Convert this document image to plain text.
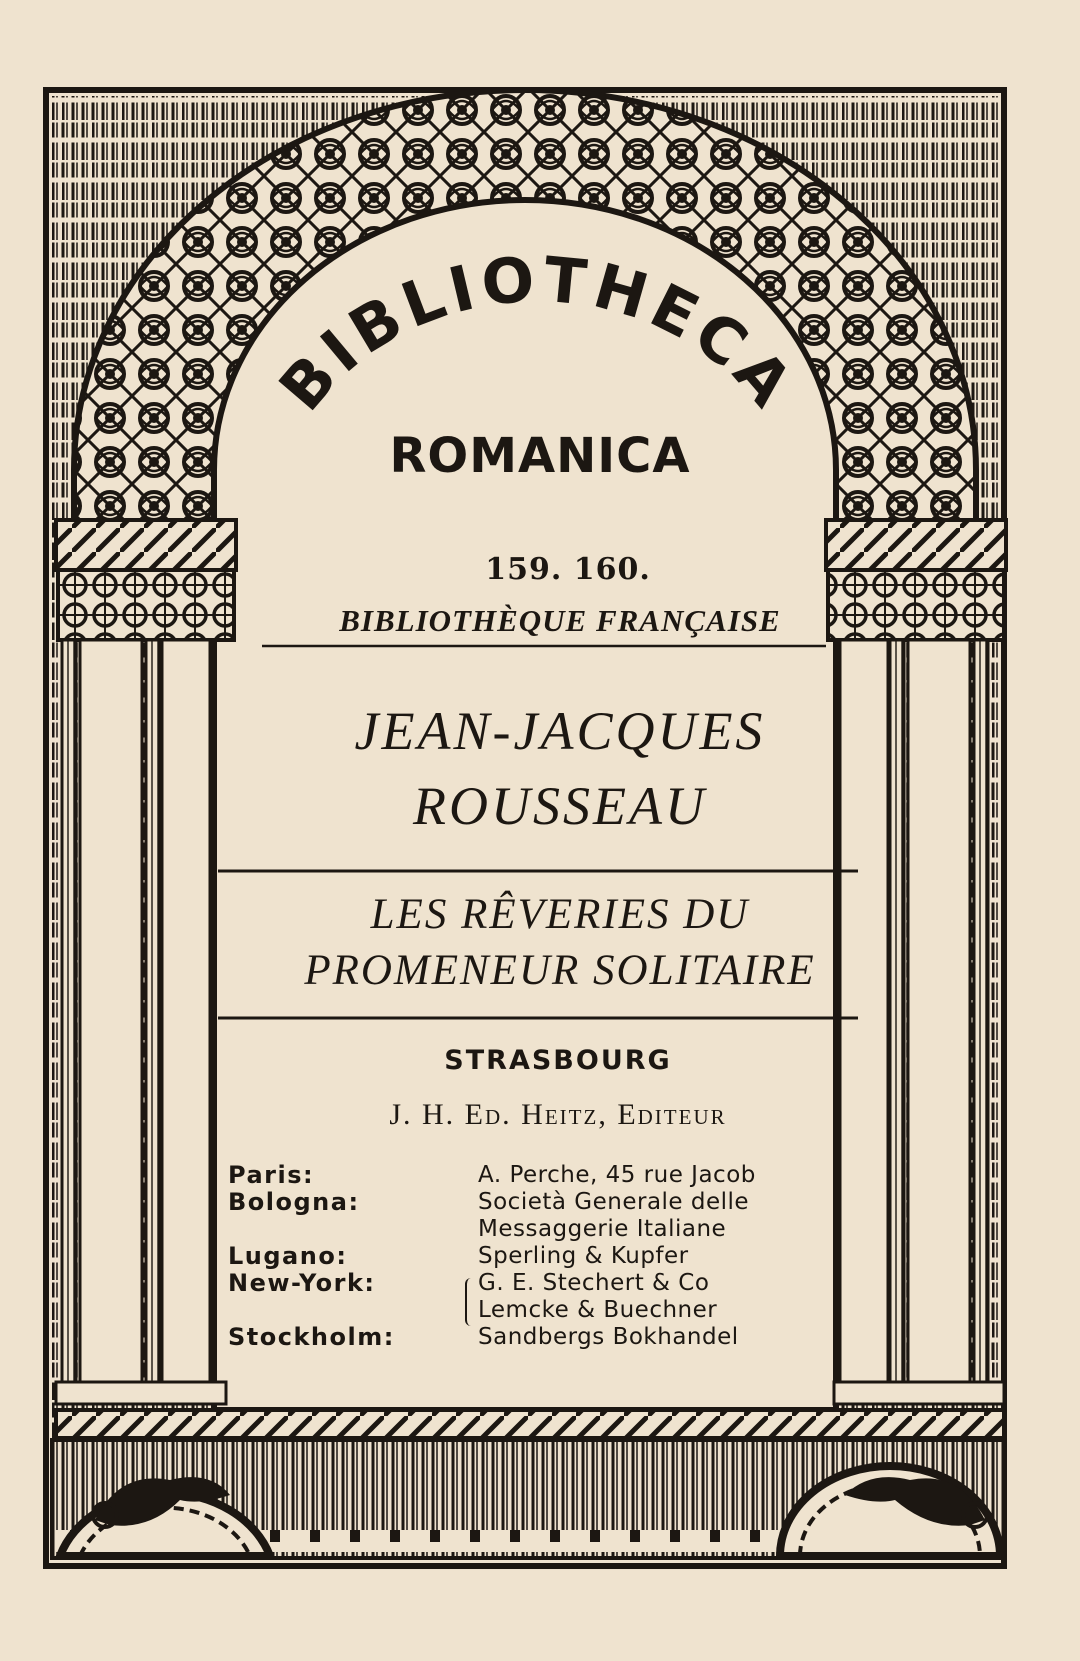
BIBLIOTHECA
ROMANICA
159. 160.
BIBLIOTHÈQUE FRANÇAISE
JEAN-JACQUES
ROUSSEAU
LES RÊVERIES DU
PROMENEUR SOLITAIRE
STRASBOURG
J. H. Ed. Heitz, Editeur
Paris:	A. Perche, 45 rue Jacob
Bologna:	Società Generale delle
Messaggerie Italiane
Lugano:	Sperling & Kupfer
New-York:	G. E. Stechert & Co
Lemcke & Buechner
Stockholm:	Sandbergs Bokhandel
